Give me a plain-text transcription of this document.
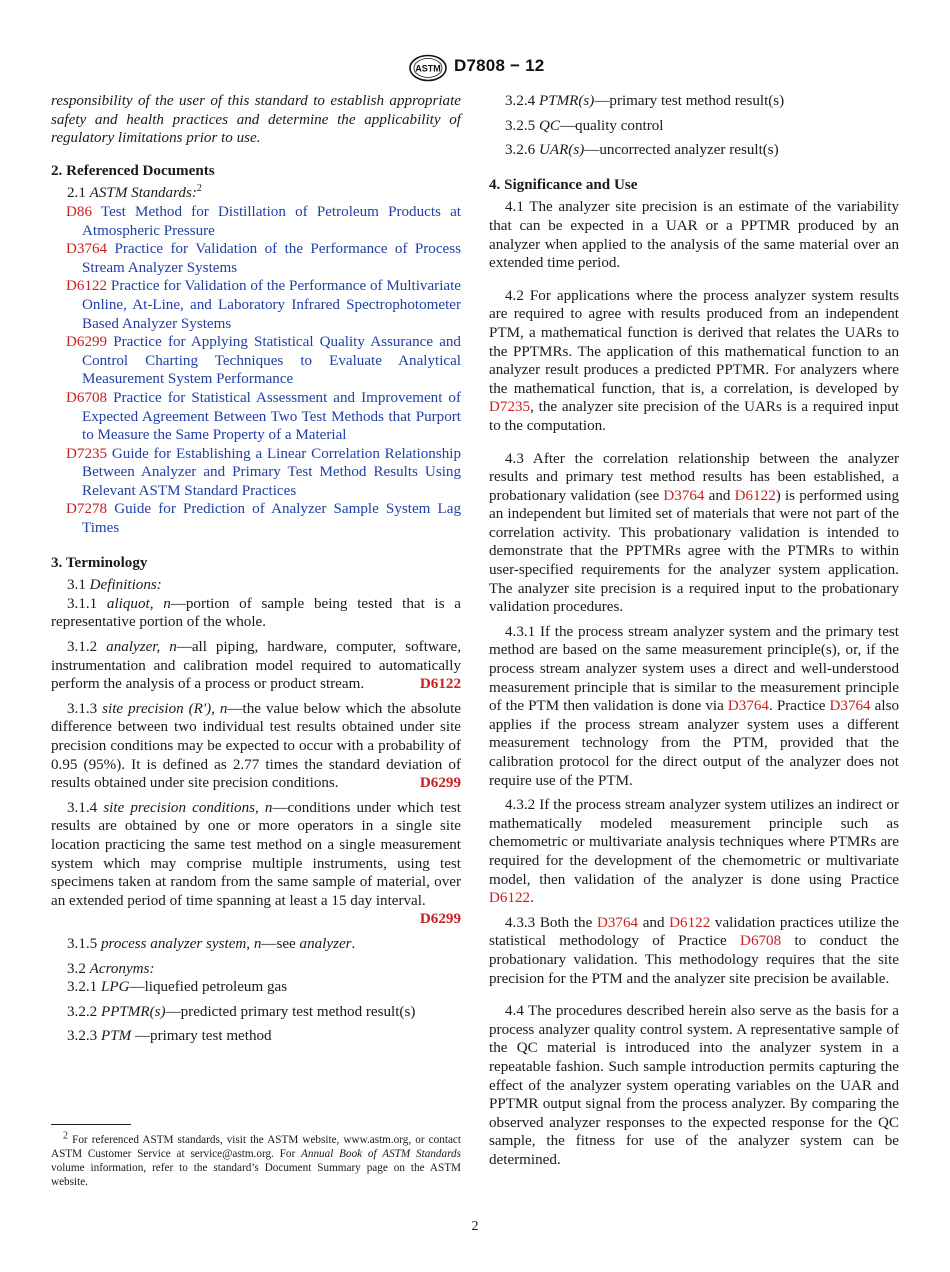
ASTM D7808 − 12

responsibility of the user of this standard to establish appropriate safety and health practices and determine the applicability of regulatory limitations prior to use.

2. Referenced Documents

2.1 ASTM Standards:$^2$

D86 Test Method for Distillation of Petroleum Products at Atmospheric Pressure

D3764 Practice for Validation of the Performance of Process Stream Analyzer Systems

D6122 Practice for Validation of the Performance of Multivariate Online, At-Line, and Laboratory Infrared Spectrophotometer Based Analyzer Systems

D6299 Practice for Applying Statistical Quality Assurance and Control Charting Techniques to Evaluate Analytical Measurement System Performance

D6708 Practice for Statistical Assessment and Improvement of Expected Agreement Between Two Test Methods that Purport to Measure the Same Property of a Material

D7235 Guide for Establishing a Linear Correlation Relationship Between Analyzer and Primary Test Method Results Using Relevant ASTM Standard Practices

D7278 Guide for Prediction of Analyzer Sample System Lag Times

3. Terminology

3.1 Definitions:

3.1.1 aliquot, n—portion of sample being tested that is a representative portion of the whole.

3.1.2 analyzer, n—all piping, hardware, computer, software, instrumentation and calibration model required to automatically perform the analysis of a process or product stream.	D6122

3.1.3 site precision (R'), n—the value below which the absolute difference between two individual test results obtained under site precision conditions may be expected to occur with a probability of 0.95 (95%). It is defined as 2.77 times the standard deviation of results obtained under site precision conditions.	D6299

3.1.4 site precision conditions, n—conditions under which test results are obtained by one or more operators in a single site location practicing the same test method on a single measurement system which may comprise multiple instruments, using test specimens taken at random from the same sample of material, over an extended period of time spanning at least a 15 day interval.
D6299

3.1.5 process analyzer system, n—see analyzer.

3.2 Acronyms:

3.2.1 LPG—liquefied petroleum gas

3.2.2 PPTMR(s)—predicted primary test method result(s)

3.2.3 PTM —primary test method

$^2$ For referenced ASTM standards, visit the ASTM website, www.astm.org, or contact ASTM Customer Service at service@astm.org. For Annual Book of ASTM Standards volume information, refer to the standard’s Document Summary page on the ASTM website.

3.2.4 PTMR(s)—primary test method result(s)

3.2.5 QC—quality control

3.2.6 UAR(s)—uncorrected analyzer result(s)

4. Significance and Use

4.1 The analyzer site precision is an estimate of the variability that can be expected in a UAR or a PPTMR produced by an analyzer when applied to the analysis of the same material over an extended time period.

4.2 For applications where the process analyzer system results are required to agree with results produced from an independent PTM, a mathematical function is derived that relates the UARs to the PPTMRs. The application of this mathematical function to an analyzer result produces a predicted PPTMR. For analyzers where the mathematical function, that is, a correlation, is developed by D7235, the analyzer site precision of the UARs is a required input to the computation.

4.3 After the correlation relationship between the analyzer results and primary test method results has been established, a probationary validation (see D3764 and D6122) is performed using an independent but limited set of materials that were not part of the correlation activity. This probationary validation is intended to demonstrate that the PPTMRs agree with the PTMRs to within user-specified requirements for the analyzer system application. The analyzer site precision is a required input to the probationary validation procedures.

4.3.1 If the process stream analyzer system and the primary test method are based on the same measurement principle(s), or, if the process stream analyzer system uses a direct and well-understood measurement principle that is similar to the measurement principle of the PTM then validation is done via D3764. Practice D3764 also applies if the process stream analyzer system uses a different measurement technology from the PTM, provided that the calibration protocol for the direct output of the analyzer does not require use of the PTM.

4.3.2 If the process stream analyzer system utilizes an indirect or mathematically modeled measurement principle such as chemometric or multivariate analysis techniques where PTMRs are required for the development of the chemometric or multivariate model, then validation of the analyzer is done using Practice D6122.

4.3.3 Both the D3764 and D6122 validation practices utilize the statistical methodology of Practice D6708 to conduct the probationary validation. This methodology requires that the site precision for the PTM and the analyzer site precision be available.

4.4 The procedures described herein also serve as the basis for a process analyzer quality control system. A representative sample of the QC material is introduced into the analyzer system in a repeatable fashion. Such sample introduction permits capturing the effect of the analyzer system operating variables on the UAR and PPTMR output signal from the process analyzer. By comparing the observed analyzer responses to the expected response for the QC sample, the fitness for use of the analyzer system can be determined.

2
